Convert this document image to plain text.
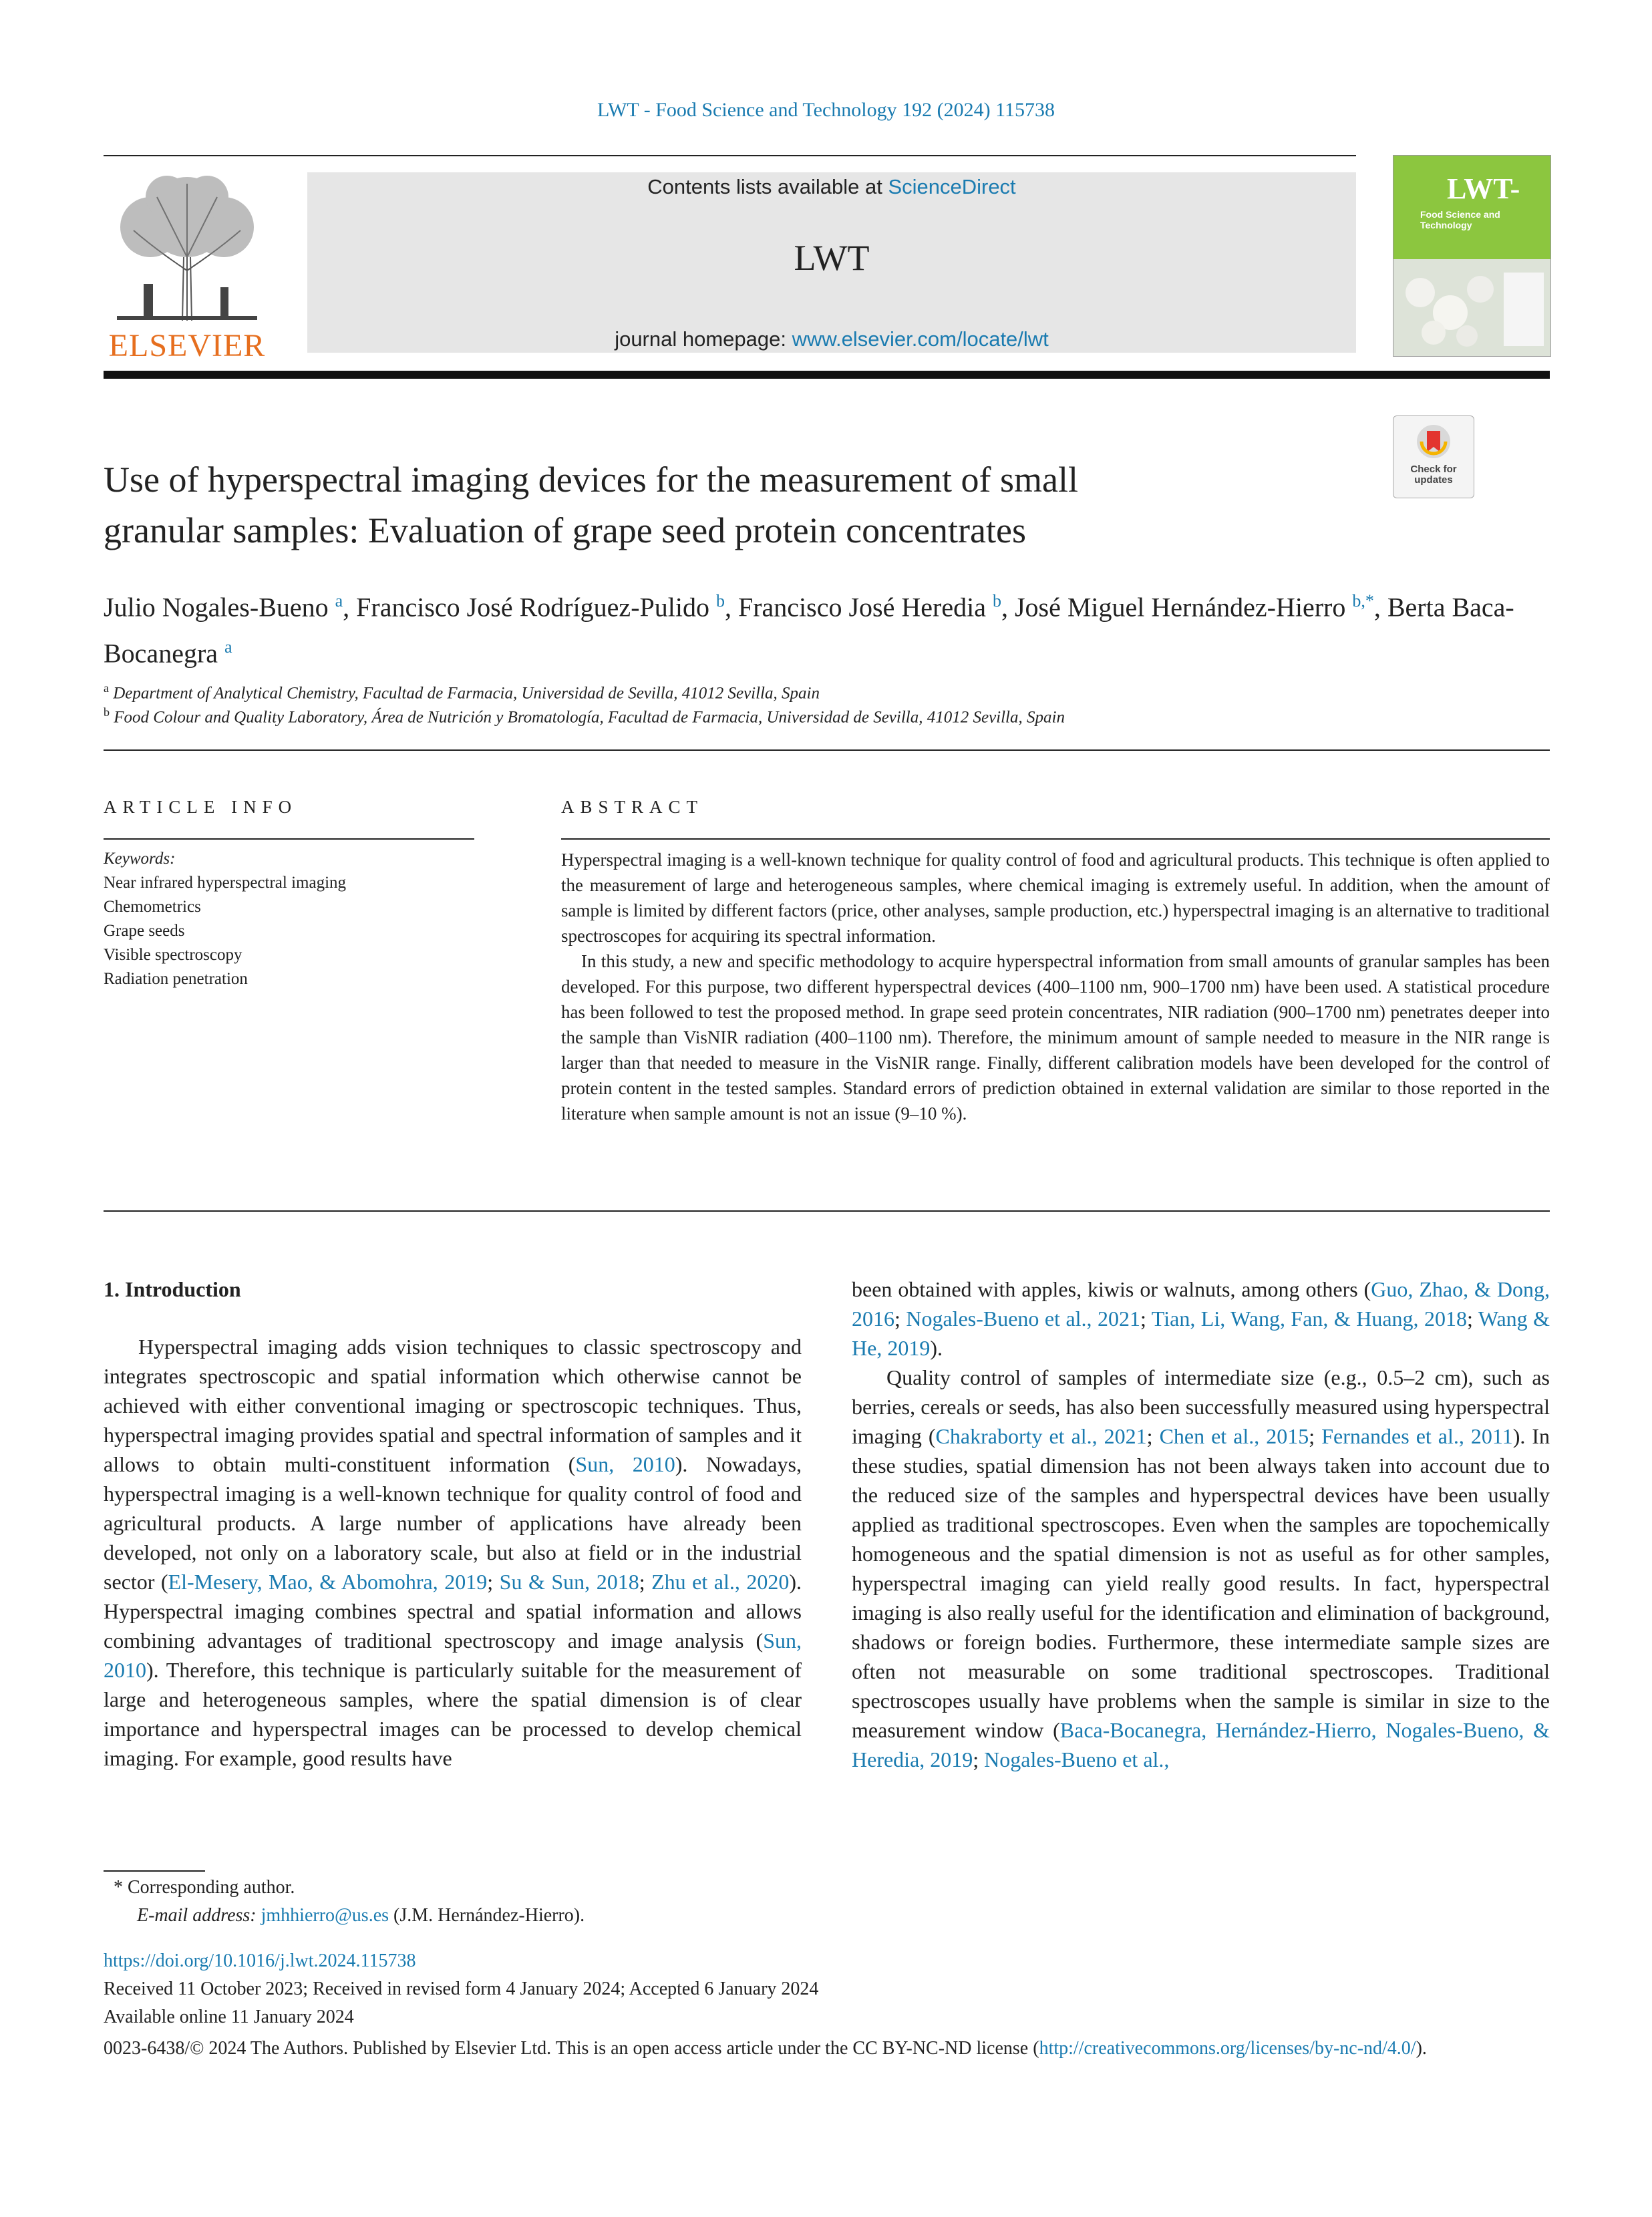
LWT - Food Science and Technology 192 (2024) 115738
ELSEVIER
Contents lists available at ScienceDirect
LWT
journal homepage: www.elsevier.com/locate/lwt
LWT-
Food Science and Technology
Check for
updates
Use of hyperspectral imaging devices for the measurement of small
granular samples: Evaluation of grape seed protein concentrates
Julio Nogales-Bueno $^a$, Francisco José Rodríguez-Pulido $^b$, Francisco José Heredia $^b$, José Miguel Hernández-Hierro $^{b,*}$, Berta Baca-Bocanegra $^a$
$^a$ Department of Analytical Chemistry, Facultad de Farmacia, Universidad de Sevilla, 41012 Sevilla, Spain
$^b$ Food Colour and Quality Laboratory, Área de Nutrición y Bromatología, Facultad de Farmacia, Universidad de Sevilla, 41012 Sevilla, Spain
ARTICLE INFO	ABSTRACT
Keywords:
Near infrared hyperspectral imaging
Chemometrics
Grape seeds
Visible spectroscopy
Radiation penetration

Hyperspectral imaging is a well-known technique for quality control of food and agricultural products. This technique is often applied to the measurement of large and heterogeneous samples, where chemical imaging is extremely useful. In addition, when the amount of sample is limited by different factors (price, other analyses, sample production, etc.) hyperspectral imaging is an alternative to traditional spectroscopes for acquiring its spectral information.

In this study, a new and specific methodology to acquire hyperspectral information from small amounts of granular samples has been developed. For this purpose, two different hyperspectral devices (400–1100 nm, 900–1700 nm) have been used. A statistical procedure has been followed to test the proposed method. In grape seed protein concentrates, NIR radiation (900–1700 nm) penetrates deeper into the sample than VisNIR radiation (400–1100 nm). Therefore, the minimum amount of sample needed to measure in the NIR range is larger than that needed to measure in the VisNIR range. Finally, different calibration models have been developed for the control of protein content in the tested samples. Standard errors of prediction obtained in external validation are similar to those reported in the literature when sample amount is not an issue (9–10 %).

1. Introduction

Hyperspectral imaging adds vision techniques to classic spectroscopy and integrates spectroscopic and spatial information which otherwise cannot be achieved with either conventional imaging or spectroscopic techniques. Thus, hyperspectral imaging provides spatial and spectral information of samples and it allows to obtain multi-constituent information (Sun, 2010). Nowadays, hyperspectral imaging is a well-known technique for quality control of food and agricultural products. A large number of applications have already been developed, not only on a laboratory scale, but also at field or in the industrial sector (El-Mesery, Mao, & Abomohra, 2019; Su & Sun, 2018; Zhu et al., 2020). Hyperspectral imaging combines spectral and spatial information and allows combining advantages of traditional spectroscopy and image analysis (Sun, 2010). Therefore, this technique is particularly suitable for the measurement of large and heterogeneous samples, where the spatial dimension is of clear importance and hyperspectral images can be processed to develop chemical imaging. For example, good results have

been obtained with apples, kiwis or walnuts, among others (Guo, Zhao, & Dong, 2016; Nogales-Bueno et al., 2021; Tian, Li, Wang, Fan, & Huang, 2018; Wang & He, 2019).

Quality control of samples of intermediate size (e.g., 0.5–2 cm), such as berries, cereals or seeds, has also been successfully measured using hyperspectral imaging (Chakraborty et al., 2021; Chen et al., 2015; Fernandes et al., 2011). In these studies, spatial dimension has not been always taken into account due to the reduced size of the samples and hyperspectral devices have been usually applied as traditional spectroscopes. Even when the samples are topochemically homogeneous and the spatial dimension is not as useful as for other samples, hyperspectral imaging can yield really good results. In fact, hyperspectral imaging is also really useful for the identification and elimination of background, shadows or foreign bodies. Furthermore, these intermediate sample sizes are often not measurable on some traditional spectroscopes. Traditional spectroscopes usually have problems when the sample is similar in size to the measurement window (Baca-Bocanegra, Hernández-Hierro, Nogales-Bueno, & Heredia, 2019; Nogales-Bueno et al.,

* Corresponding author.
E-mail address: jmhhierro@us.es (J.M. Hernández-Hierro).
https://doi.org/10.1016/j.lwt.2024.115738
Received 11 October 2023; Received in revised form 4 January 2024; Accepted 6 January 2024
Available online 11 January 2024
0023-6438/© 2024 The Authors. Published by Elsevier Ltd. This is an open access article under the CC BY-NC-ND license (http://creativecommons.org/licenses/by-nc-nd/4.0/).
